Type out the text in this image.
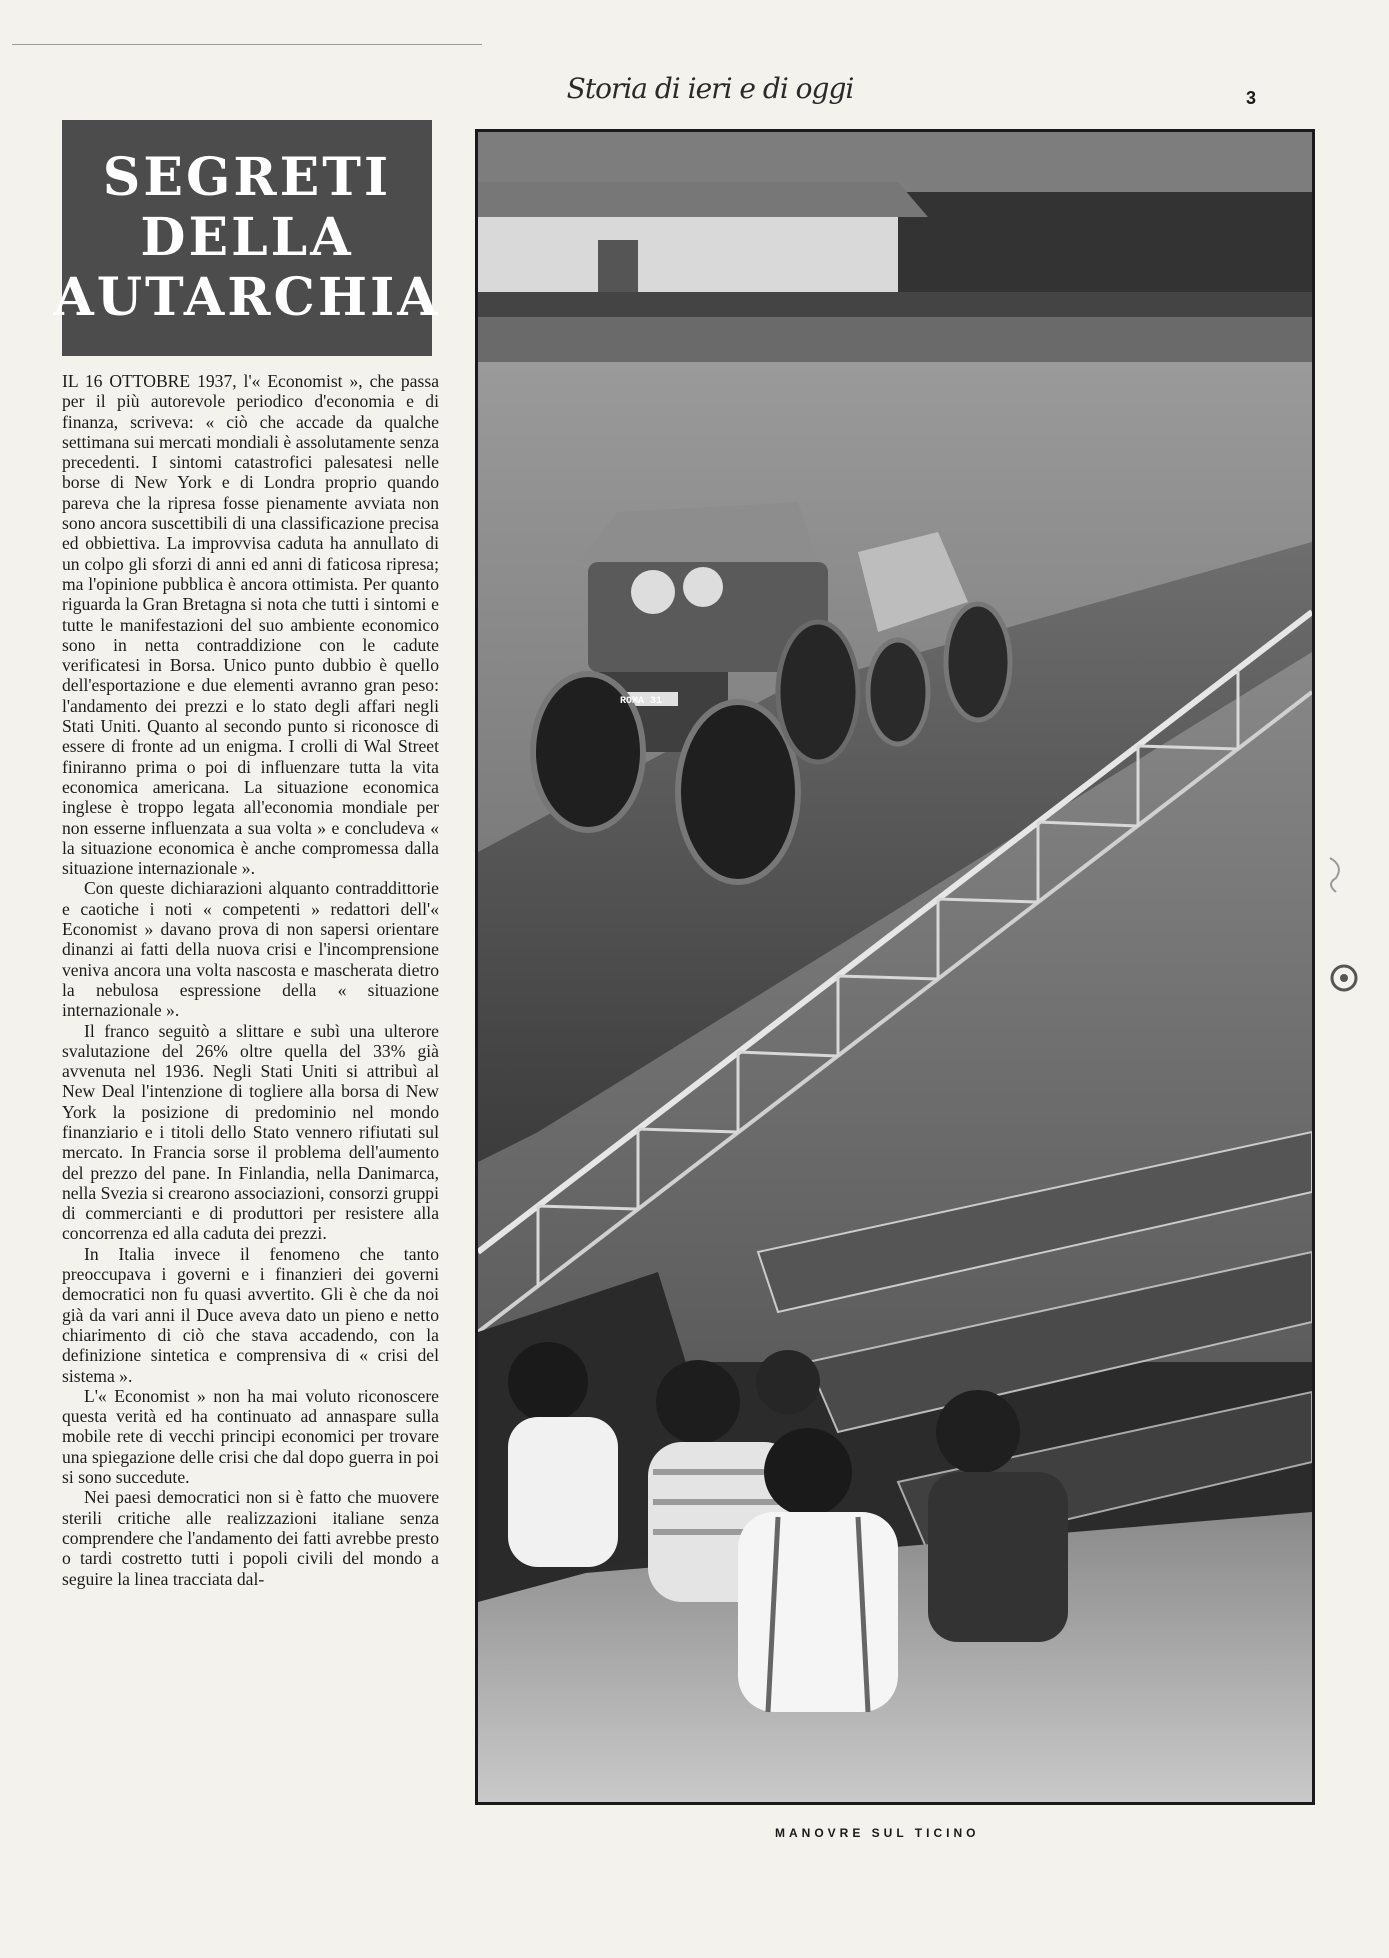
Storia di ieri e di oggi	3
SEGRETI
DELLA
AUTARCHIA

IL 16 OTTOBRE 1937, l'« Economist », che passa per il più autorevole periodico d'economia e di finanza, scriveva: « ciò che accade da qualche settimana sui mercati mondiali è assolutamente senza precedenti. I sintomi catastrofici palesatesi nelle borse di New York e di Londra proprio quando pareva che la ripresa fosse pienamente avviata non sono ancora suscettibili di una classificazione precisa ed obbiettiva. La improvvisa caduta ha annullato di un colpo gli sforzi di anni ed anni di faticosa ripresa; ma l'opinione pubblica è ancora ottimista. Per quanto riguarda la Gran Bretagna si nota che tutti i sintomi e tutte le manifestazioni del suo ambiente economico sono in netta contraddizione con le cadute verificatesi in Borsa. Unico punto dubbio è quello dell'esportazione e due elementi avranno gran peso: l'andamento dei prezzi e lo stato degli affari negli Stati Uniti. Quanto al secondo punto si riconosce di essere di fronte ad un enigma. I crolli di Wal Street finiranno prima o poi di influenzare tutta la vita economica americana. La situazione economica inglese è troppo legata all'economia mondiale per non esserne influenzata a sua volta » e concludeva « la situazione economica è anche compromessa dalla situazione internazionale ».

Con queste dichiarazioni alquanto contraddittorie e caotiche i noti « competenti » redattori dell'« Economist » davano prova di non sapersi orientare dinanzi ai fatti della nuova crisi e l'incomprensione veniva ancora una volta nascosta e mascherata dietro la nebulosa espressione della « situazione internazionale ».

Il franco seguitò a slittare e subì una ulterore svalutazione del 26% oltre quella del 33% già avvenuta nel 1936. Negli Stati Uniti si attribuì al New Deal l'intenzione di togliere alla borsa di New York la posizione di predominio nel mondo finanziario e i titoli dello Stato vennero rifiutati sul mercato. In Francia sorse il problema dell'aumento del prezzo del pane. In Finlandia, nella Danimarca, nella Svezia si crearono associazioni, consorzi gruppi di commercianti e di produttori per resistere alla concorrenza ed alla caduta dei prezzi.

In Italia invece il fenomeno che tanto preoccupava i governi e i finanzieri dei governi democratici non fu quasi avvertito. Gli è che da noi già da vari anni il Duce aveva dato un pieno e netto chiarimento di ciò che stava accadendo, con la definizione sintetica e comprensiva di « crisi del sistema ».

L'« Economist » non ha mai voluto riconoscere questa verità ed ha continuato ad annaspare sulla mobile rete di vecchi principi economici per trovare una spiegazione delle crisi che dal dopo guerra in poi si sono succedute.

Nei paesi democratici non si è fatto che muovere sterili critiche alle realizzazioni italiane senza comprendere che l'andamento dei fatti avrebbe presto o tardi costretto tutti i popoli civili del mondo a seguire la linea tracciata dal-

ROMA 31
MANOVRE SUL TICINO
